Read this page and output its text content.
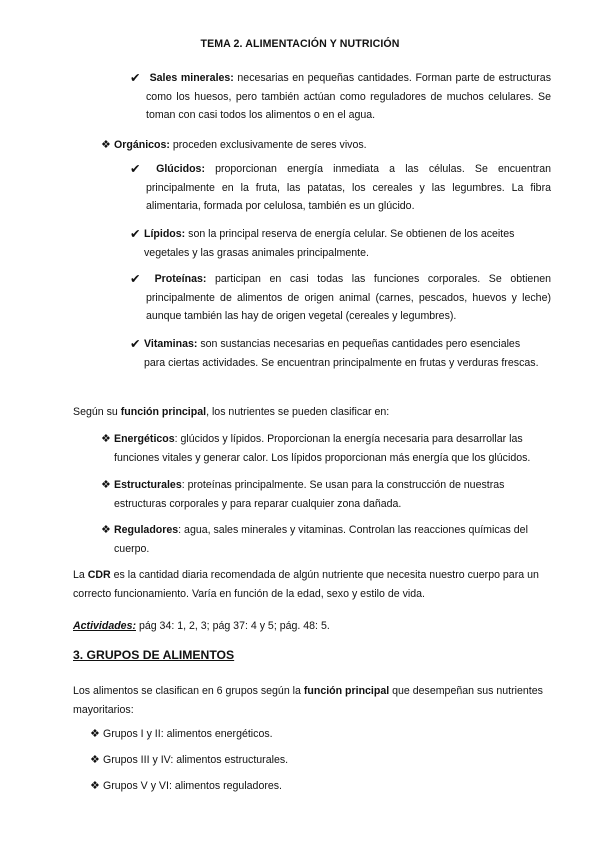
TEMA 2. ALIMENTACIÓN Y NUTRICIÓN
✔ Sales minerales: necesarias en pequeñas cantidades. Forman parte de estructuras como los huesos, pero también actúan como reguladores de muchos celulares. Se toman con casi todos los alimentos o en el agua.
❖ Orgánicos: proceden exclusivamente de seres vivos.
✔	Glúcidos: proporcionan energía inmediata a las células. Se encuentran principalmente en la fruta, las patatas, los cereales y las legumbres. La fibra alimentaria, formada por celulosa, también es un glúcido.
✔ Lípidos: son la principal reserva de energía celular. Se obtienen de los aceites vegetales y las grasas animales principalmente.
✔	Proteínas: participan en casi todas las funciones corporales. Se obtienen principalmente de alimentos de origen animal (carnes, pescados, huevos y leche) aunque también las hay de origen vegetal (cereales y legumbres).
✔ Vitaminas: son sustancias necesarias en pequeñas cantidades pero esenciales para ciertas actividades. Se encuentran principalmente en frutas y verduras frescas.
Según su función principal, los nutrientes se pueden clasificar en:
❖ Energéticos: glúcidos y lípidos. Proporcionan la energía necesaria para desarrollar las funciones vitales y generar calor. Los lípidos proporcionan más energía que los glúcidos.
❖ Estructurales: proteínas principalmente. Se usan para la construcción de nuestras estructuras corporales y para reparar cualquier zona dañada.
❖ Reguladores: agua, sales minerales y vitaminas. Controlan las reacciones químicas del cuerpo.
La CDR es la cantidad diaria recomendada de algún nutriente que necesita nuestro cuerpo para un correcto funcionamiento. Varía en función de la edad, sexo y estilo de vida.
Actividades: pág 34: 1, 2, 3; pág 37: 4 y 5; pág. 48: 5.
3. GRUPOS DE ALIMENTOS
Los alimentos se clasifican en 6 grupos según la función principal que desempeñan sus nutrientes mayoritarios:
❖ Grupos I y II: alimentos energéticos.
❖ Grupos III y IV: alimentos estructurales.
❖ Grupos V y VI: alimentos reguladores.
